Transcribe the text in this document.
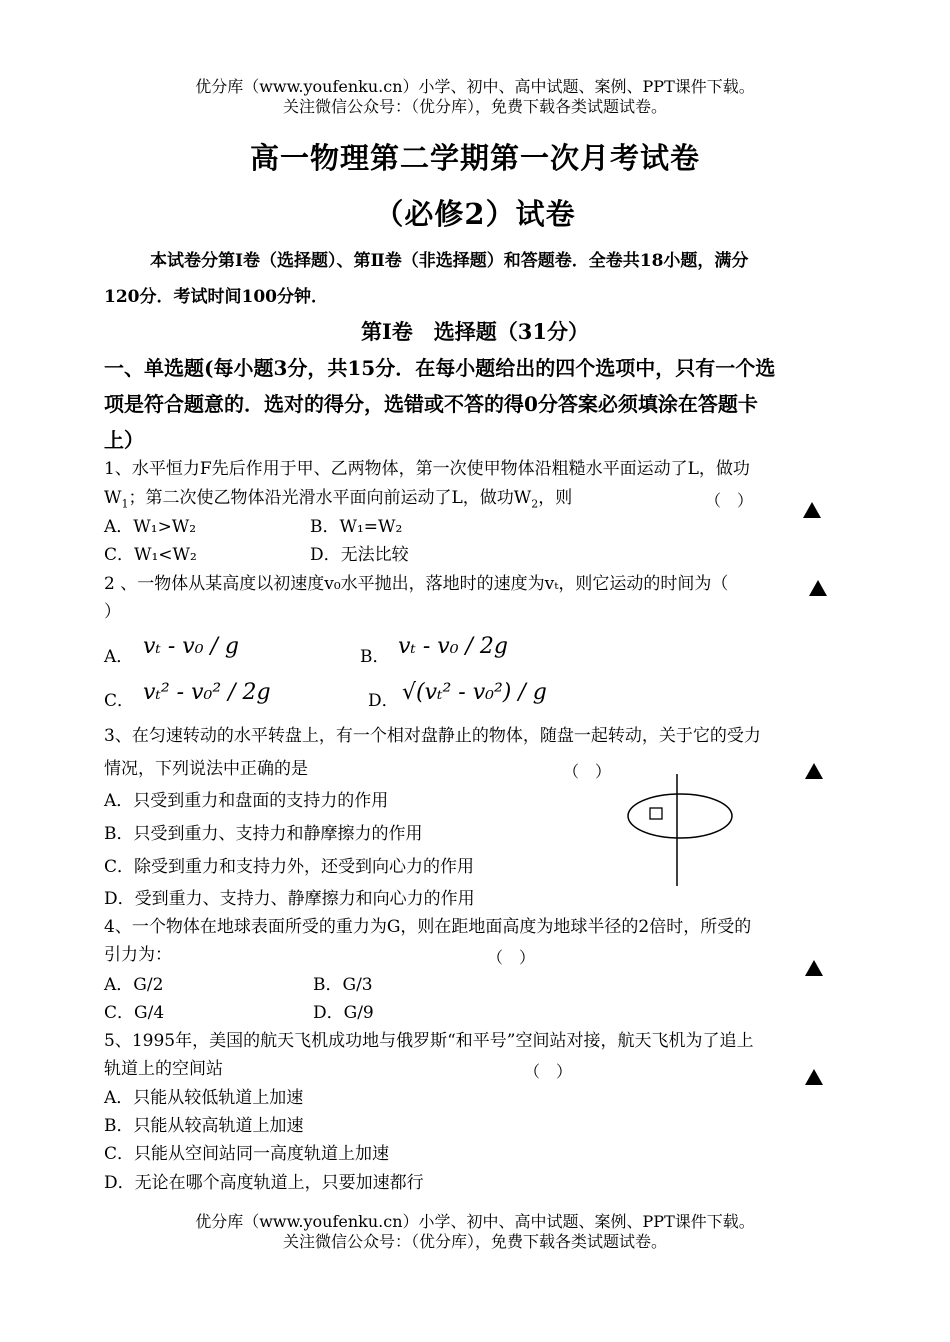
优分库（www.youfenku.cn）小学、初中、高中试题、案例、PPT课件下载。
关注微信公众号：（优分库），免费下载各类试题试卷。
高一物理第二学期第一次月考试卷
（必修2）试卷
本试卷分第Ⅰ卷（选择题）、第Ⅱ卷（非选择题）和答题卷．全卷共18小题，满分
120分．考试时间100分钟．
第Ⅰ卷　选择题（31分）
一、单选题(每小题3分，共15分．在每小题给出的四个选项中，只有一个选
项是符合题意的．选对的得分，选错或不答的得0分答案必须填涂在答题卡
上）
1、水平恒力F先后作用于甲、乙两物体，第一次使甲物体沿粗糙水平面运动了L，做功
$W_1$；第二次使乙物体沿光滑水平面向前运动了L，做功$W_2$，则	（　）
A．W₁>W₂	B．W₁=W₂
C．W₁<W₂	D．无法比较
2 、一物体从某高度以初速度v₀水平抛出，落地时的速度为vₜ，则它运动的时间为（
）
A． vₜ - v₀ / g	B． vₜ - v₀ / 2g
C． vₜ² - v₀² / 2g	D． √(vₜ² - v₀²) / g
3、在匀速转动的水平转盘上，有一个相对盘静止的物体，随盘一起转动，关于它的受力
情况，下列说法中正确的是	（　）
A．只受到重力和盘面的支持力的作用
B．只受到重力、支持力和静摩擦力的作用
C．除受到重力和支持力外，还受到向心力的作用
D．受到重力、支持力、静摩擦力和向心力的作用
4、一个物体在地球表面所受的重力为G，则在距地面高度为地球半径的2倍时，所受的
引力为：	（　）
A．G/2	B．G/3
C．G/4	D．G/9
5、1995年，美国的航天飞机成功地与俄罗斯“和平号”空间站对接，航天飞机为了追上
轨道上的空间站	（　）
A．只能从较低轨道上加速
B．只能从较高轨道上加速
C．只能从空间站同一高度轨道上加速
D．无论在哪个高度轨道上，只要加速都行
优分库（www.youfenku.cn）小学、初中、高中试题、案例、PPT课件下载。
关注微信公众号：（优分库），免费下载各类试题试卷。
